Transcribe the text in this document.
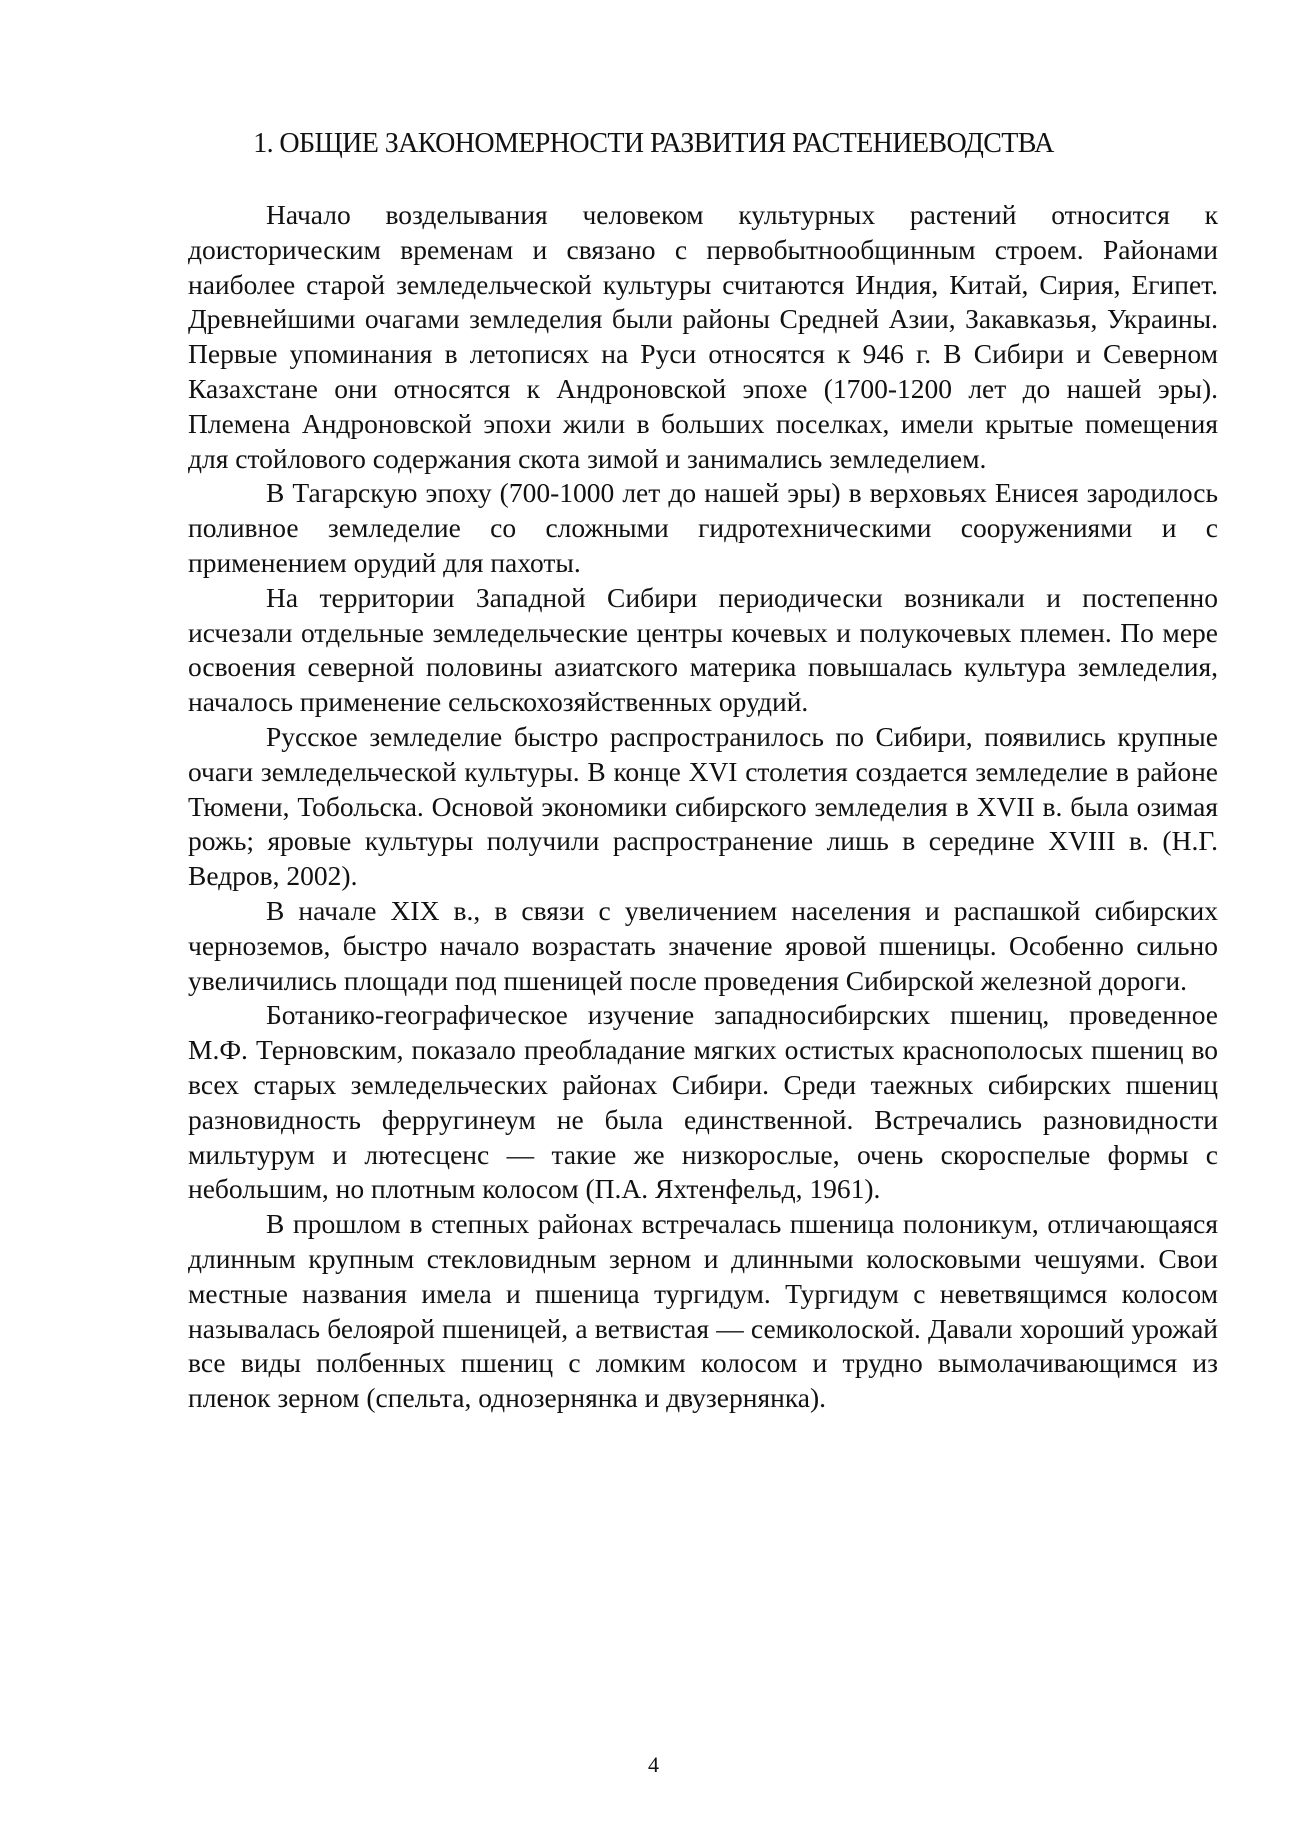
1. ОБЩИЕ ЗАКОНОМЕРНОСТИ РАЗВИТИЯ РАСТЕНИЕВОДСТВА

Начало возделывания человеком культурных растений относится к доисторическим временам и связано с первобытнообщинным строем. Районами наиболее старой земледельческой культуры считаются Индия, Китай, Сирия, Египет. Древнейшими очагами земледелия были районы Средней Азии, Закавказья, Украины. Первые упоминания в летописях на Руси относятся к 946 г. В Сибири и Северном Казахстане они относятся к Андроновской эпохе (1700-1200 лет до нашей эры). Племена Андроновской эпохи жили в больших поселках, имели крытые помещения для стойлового содержания скота зимой и занимались земледелием.

В Тагарскую эпоху (700-1000 лет до нашей эры) в верховьях Енисея зародилось поливное земледелие со сложными гидротехническими сооружениями и с применением орудий для пахоты.

На территории Западной Сибири периодически возникали и постепенно исчезали отдельные земледельческие центры кочевых и полукочевых племен. По мере освоения северной половины азиатского материка повышалась культура земледелия, началось применение сельскохозяйственных орудий.

Русское земледелие быстро распространилось по Сибири, появились крупные очаги земледельческой культуры. В конце XVI столетия создается земледелие в районе Тюмени, Тобольска. Основой экономики сибирского земледелия в XVII в. была озимая рожь; яровые культуры получили распространение лишь в середине XVIII в. (Н.Г. Ведров, 2002).

В начале XIX в., в связи с увеличением населения и распашкой сибирских черноземов, быстро начало возрастать значение яровой пшеницы. Особенно сильно увеличились площади под пшеницей после проведения Сибирской железной дороги.

Ботанико-географическое изучение западносибирских пшениц, проведенное М.Ф. Терновским, показало преобладание мягких остистых краснополосых пшениц во всех старых земледельческих районах Сибири. Среди таежных сибирских пшениц разновидность ферругинеум не была единственной. Встречались разновидности мильтурум и лютесценс — такие же низкорослые, очень скороспелые формы с небольшим, но плотным колосом (П.А. Яхтенфельд, 1961).

В прошлом в степных районах встречалась пшеница полоникум, отличающаяся длинным крупным стекловидным зерном и длинными колосковыми чешуями. Свои местные названия имела и пшеница тургидум. Тургидум с неветвящимся колосом называлась белоярой пшеницей, а ветвистая — семиколоской. Давали хороший урожай все виды полбенных пшениц с ломким колосом и трудно вымолачивающимся из пленок зерном (спельта, однозернянка и двузернянка).

4
